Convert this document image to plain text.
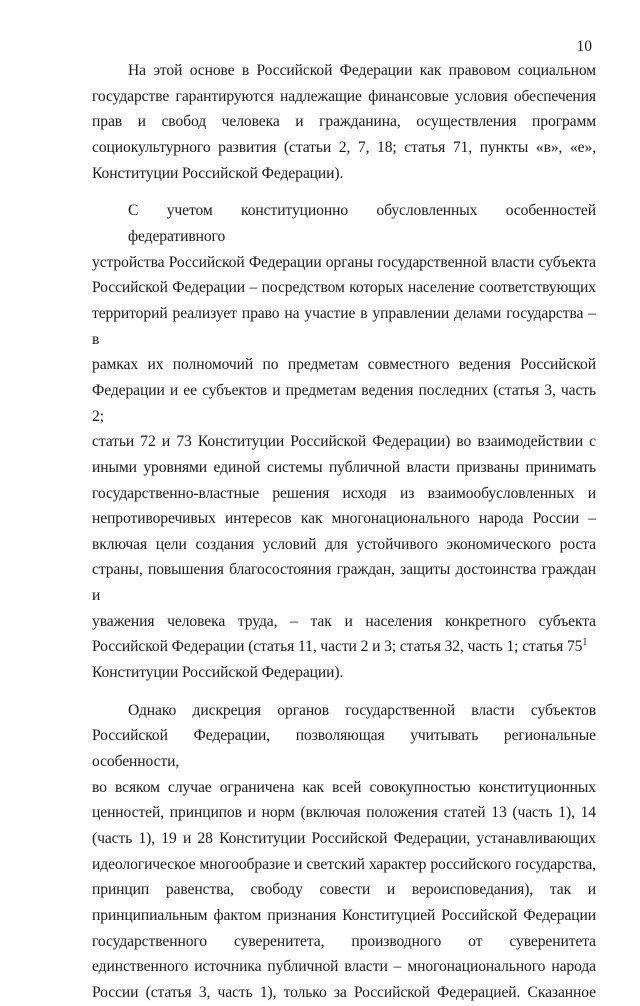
10
На этой основе в Российской Федерации как правовом социальном
государстве гарантируются надлежащие финансовые условия обеспечения
прав и свобод человека и гражданина, осуществления программ
социокультурного развития (статьи 2, 7, 18; статья 71, пункты «в», «е»,
Конституции Российской Федерации).
С учетом конституционно обусловленных особенностей федеративного
устройства Российской Федерации органы государственной власти субъекта
Российской Федерации – посредством которых население соответствующих
территорий реализует право на участие в управлении делами государства – в
рамках их полномочий по предметам совместного ведения Российской
Федерации и ее субъектов и предметам ведения последних (статья 3, часть 2;
статьи 72 и 73 Конституции Российской Федерации) во взаимодействии с
иными уровнями единой системы публичной власти призваны принимать
государственно-властные решения исходя из взаимообусловленных и
непротиворечивых интересов как многонационального народа России –
включая цели создания условий для устойчивого экономического роста
страны, повышения благосостояния граждан, защиты достоинства граждан и
уважения человека труда, – так и населения конкретного субъекта
Российской Федерации (статья 11, части 2 и 3; статья 32, часть 1; статья $75^1$
Конституции Российской Федерации).
Однако дискреция органов государственной власти субъектов
Российской Федерации, позволяющая учитывать региональные особенности,
во всяком случае ограничена как всей совокупностью конституционных
ценностей, принципов и норм (включая положения статей 13 (часть 1), 14
(часть 1), 19 и 28 Конституции Российской Федерации, устанавливающих
идеологическое многообразие и светский характер российского государства,
принцип равенства, свободу совести и вероисповедания), так и
принципиальным фактом признания Конституцией Российской Федерации
государственного суверенитета, производного от суверенитета
единственного источника публичной власти – многонационального народа
России (статья 3, часть 1), только за Российской Федерацией. Сказанное
